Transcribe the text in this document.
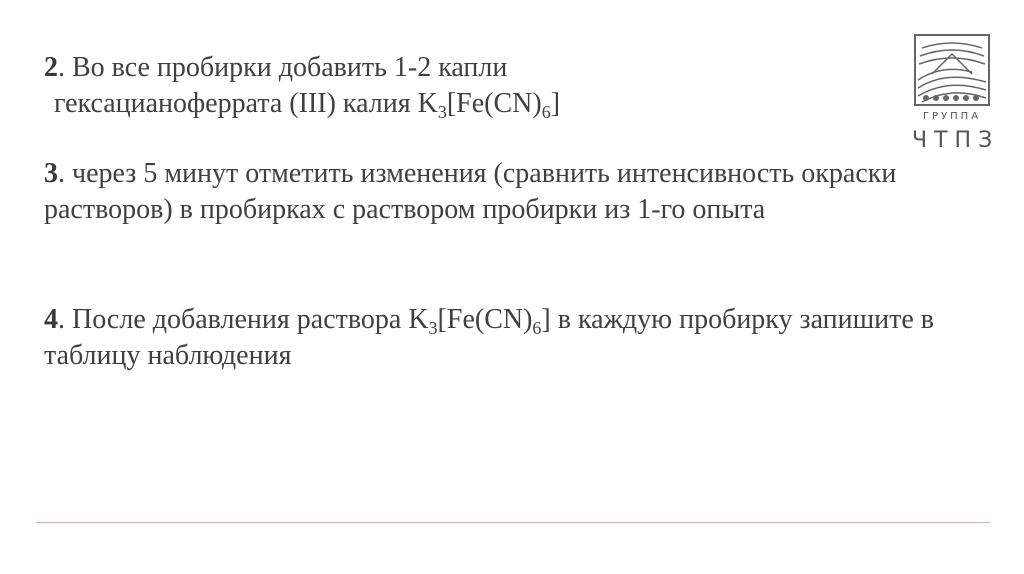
2. Во все пробирки добавить 1-2 капли
гексацианоферрата (III) калия $K_3[Fe(CN)_6]$
3. через 5 минут отметить изменения (сравнить интенсивность окраски растворов) в пробирках с раствором пробирки из 1-го опыта
4. После добавления раствора $K_3[Fe(CN)_6]$ в каждую пробирку запишите в таблицу наблюдения
ГРУППА
ЧТПЗ
